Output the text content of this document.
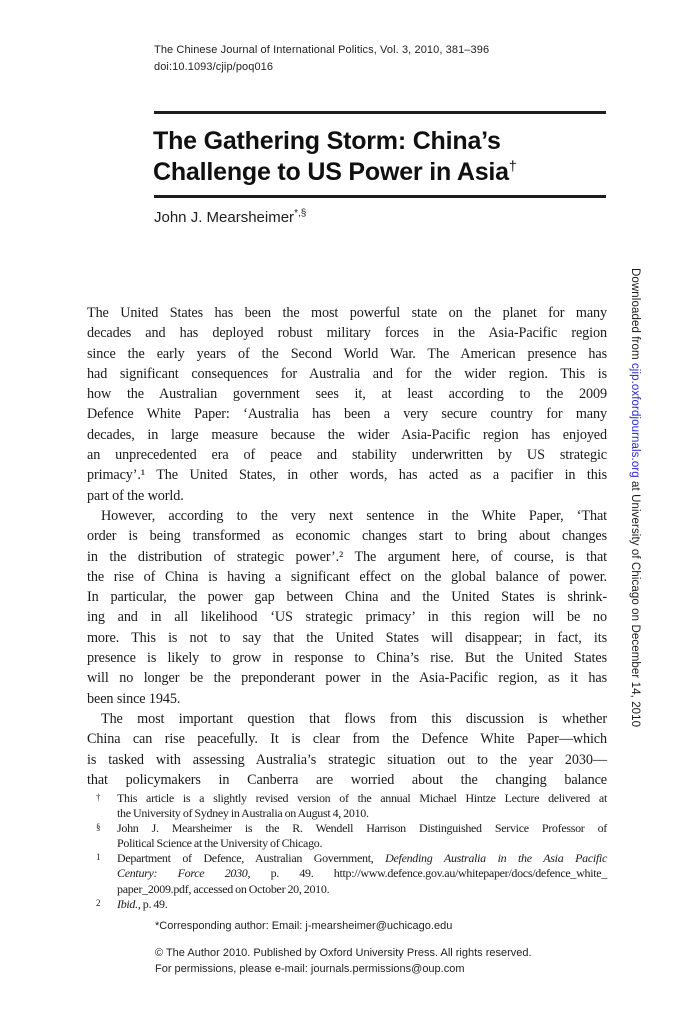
The Chinese Journal of International Politics, Vol. 3, 2010, 381–396
doi:10.1093/cjip/poq016
The Gathering Storm: China’s
Challenge to US Power in Asia†
John J. Mearsheimer*,§
The United States has been the most powerful state on the planet for many
decades and has deployed robust military forces in the Asia-Pacific region
since the early years of the Second World War. The American presence has
had significant consequences for Australia and for the wider region. This is
how the Australian government sees it, at least according to the 2009
Defence White Paper: ‘Australia has been a very secure country for many
decades, in large measure because the wider Asia-Pacific region has enjoyed
an unprecedented era of peace and stability underwritten by US strategic
primacy’.¹ The United States, in other words, has acted as a pacifier in this
part of the world.
However, according to the very next sentence in the White Paper, ‘That
order is being transformed as economic changes start to bring about changes
in the distribution of strategic power’.² The argument here, of course, is that
the rise of China is having a significant effect on the global balance of power.
In particular, the power gap between China and the United States is shrink-
ing and in all likelihood ‘US strategic primacy’ in this region will be no
more. This is not to say that the United States will disappear; in fact, its
presence is likely to grow in response to China’s rise. But the United States
will no longer be the preponderant power in the Asia-Pacific region, as it has
been since 1945.
The most important question that flows from this discussion is whether
China can rise peacefully. It is clear from the Defence White Paper—which
is tasked with assessing Australia’s strategic situation out to the year 2030—
that policymakers in Canberra are worried about the changing balance
† This article is a slightly revised version of the annual Michael Hintze Lecture delivered at
the University of Sydney in Australia on August 4, 2010.
§ John J. Mearsheimer is the R. Wendell Harrison Distinguished Service Professor of
Political Science at the University of Chicago.
1 Department of Defence, Australian Government, Defending Australia in the Asia Pacific
Century: Force 2030, p. 49. http://www.defence.gov.au/whitepaper/docs/defence_white_
paper_2009.pdf, accessed on October 20, 2010.
2 Ibid., p. 49.
*Corresponding author: Email: j-mearsheimer@uchicago.edu
© The Author 2010. Published by Oxford University Press. All rights reserved.
For permissions, please e-mail: journals.permissions@oup.com
Downloaded from cjip.oxfordjournals.org at University of Chicago on December 14, 2010
